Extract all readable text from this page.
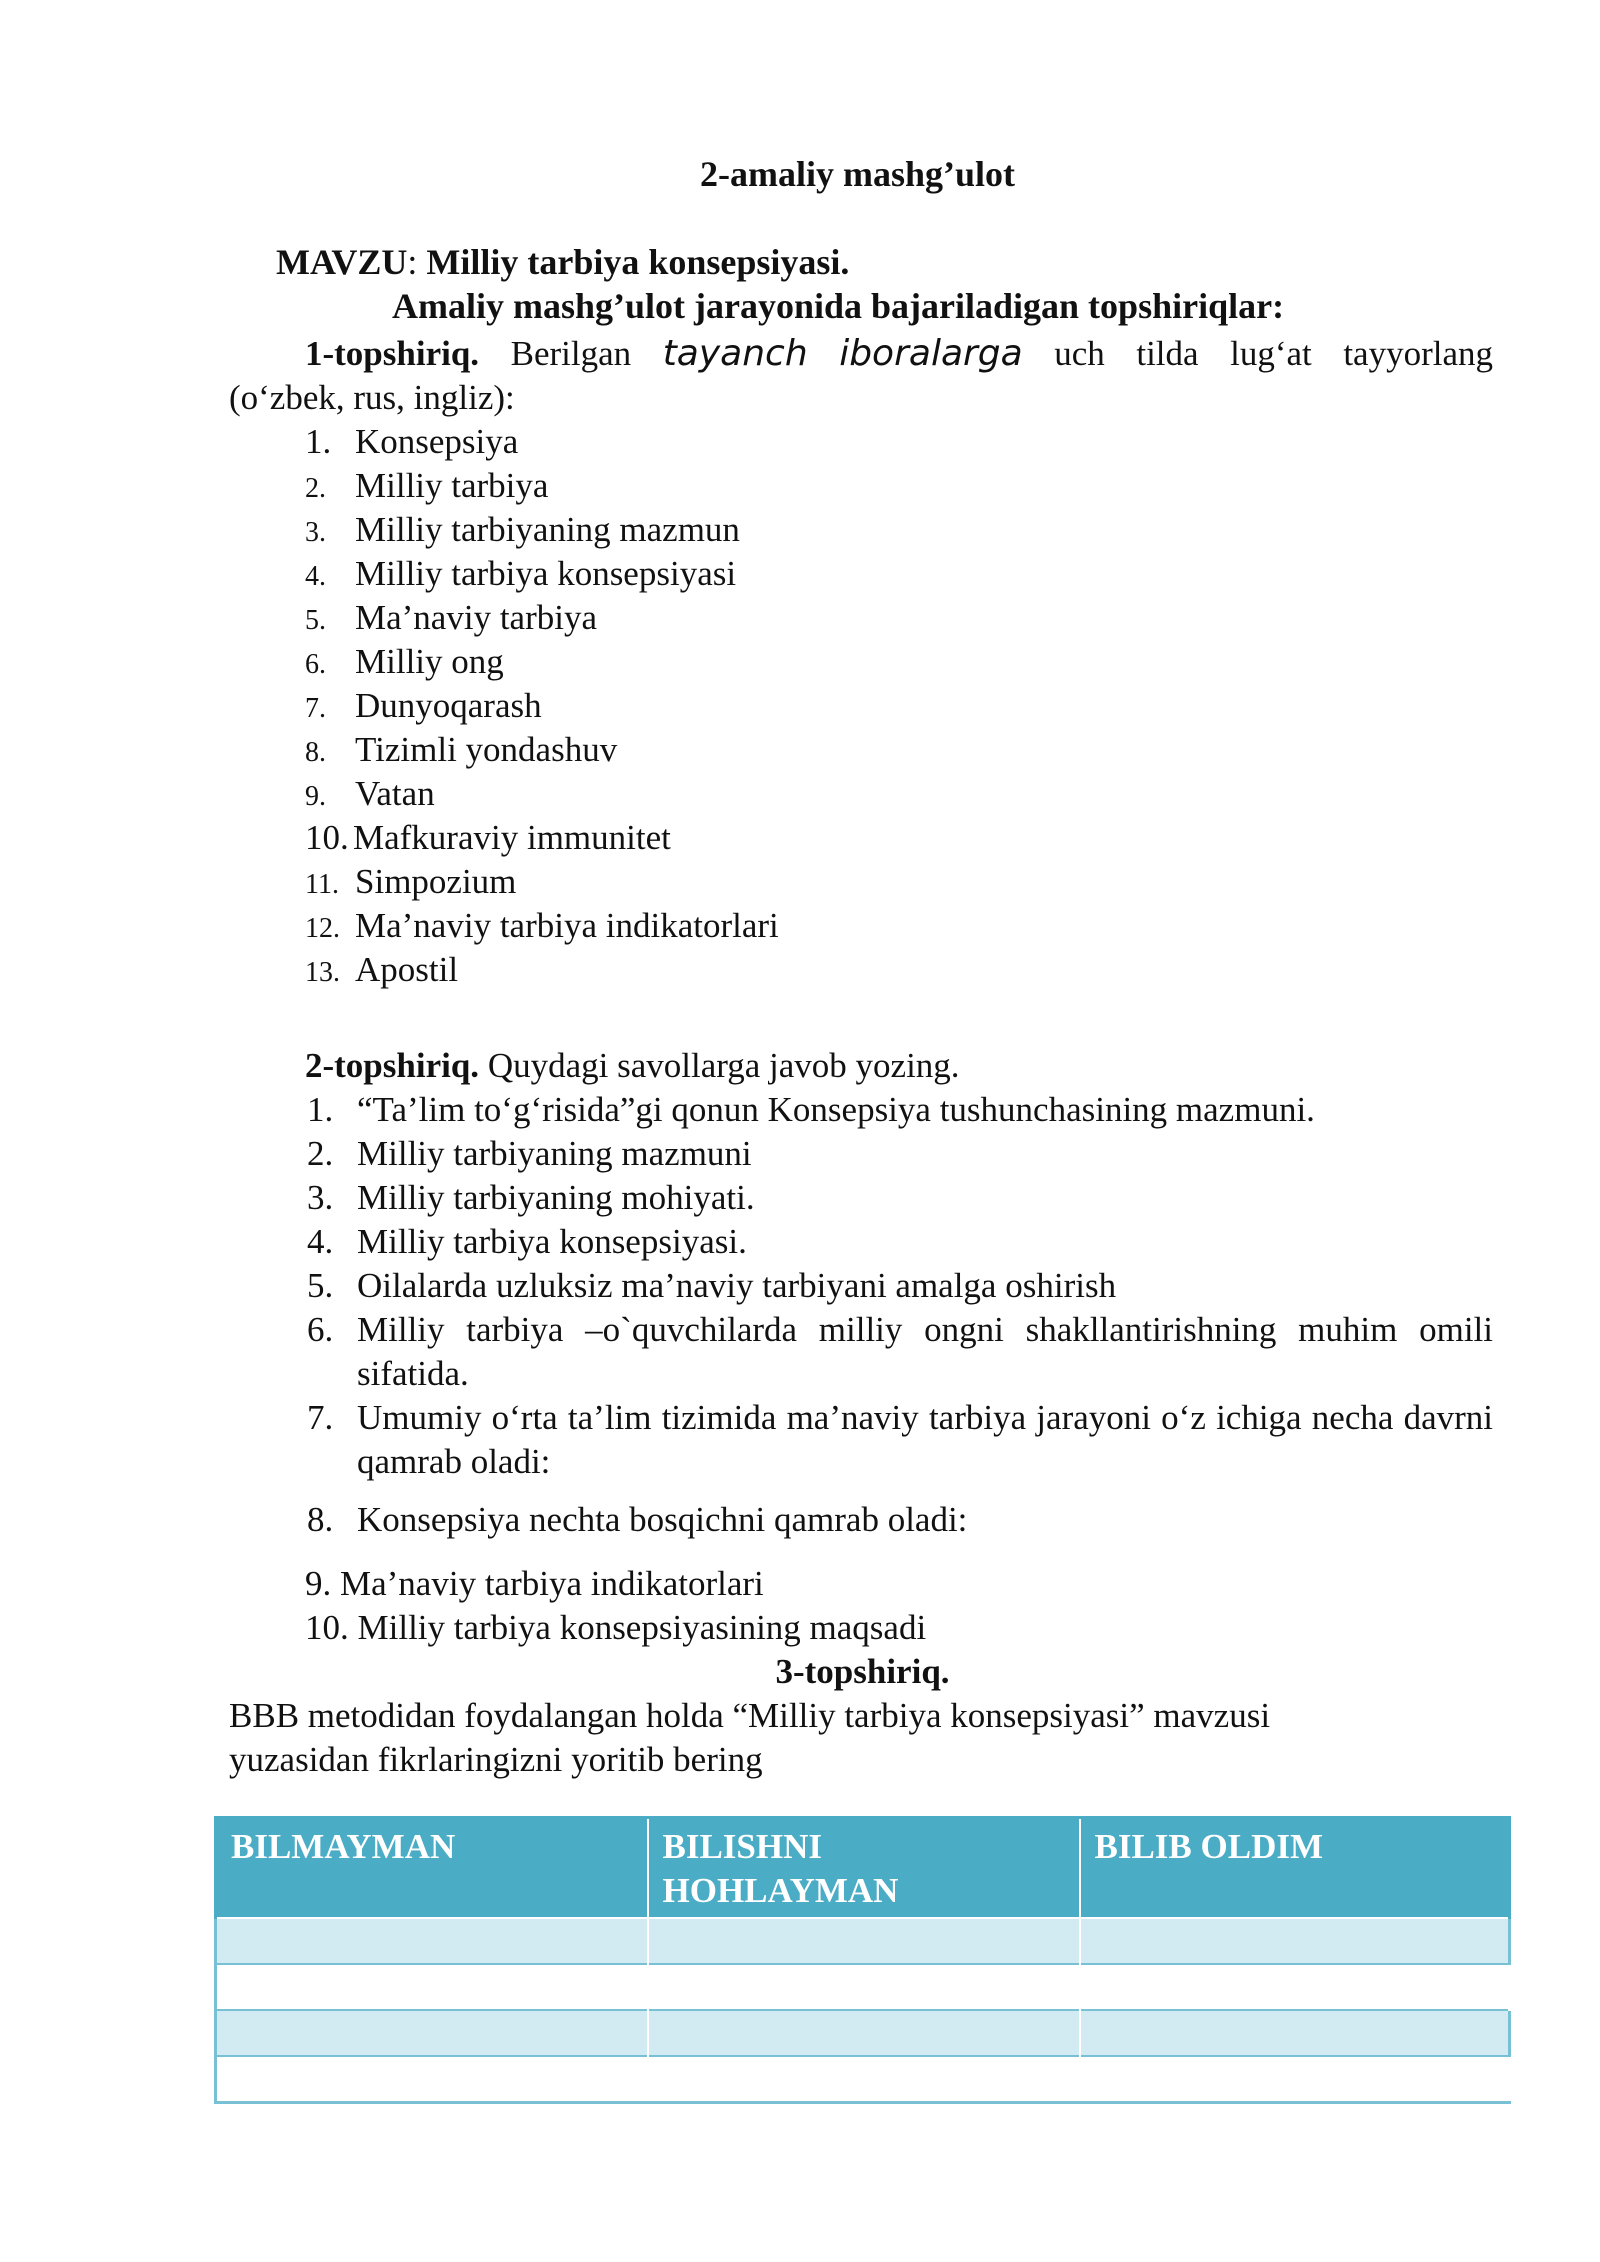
2-amaliy mashg’ulot
MAVZU: Milliy tarbiya konsepsiyasi.
Amaliy mashg’ulot jarayonida bajariladigan topshiriqlar:
1-topshiriq. Berilgan tayanch iboralarga uch tilda lug‘at tayyorlang
(o‘zbek, rus, ingliz):
1. Konsepsiya
2. Milliy tarbiya
3. Milliy tarbiyaning mazmun
4. Milliy tarbiya konsepsiyasi
5. Ma’naviy tarbiya
6. Milliy ong
7. Dunyoqarash
8. Tizimli yondashuv
9. Vatan
10. Mafkuraviy immunitet
11. Simpozium
12. Ma’naviy tarbiya indikatorlari
13. Apostil
2-topshiriq. Quydagi savollarga javob yozing.
1. “Ta’lim to‘g‘risida”gi qonun Konsepsiya tushunchasining mazmuni.
2. Milliy tarbiyaning mazmuni
3. Milliy tarbiyaning mohiyati.
4. Milliy tarbiya konsepsiyasi.
5. Oilalarda uzluksiz ma’naviy tarbiyani amalga oshirish
6. Milliy tarbiya –o`quvchilarda milliy ongni shakllantirishning muhim omili sifatida.
7. Umumiy o‘rta ta’lim tizimida ma’naviy tarbiya jarayoni o‘z ichiga necha davrni qamrab oladi:
8. Konsepsiya nechta bosqichni qamrab oladi:
9. Ma’naviy tarbiya indikatorlari
10. Milliy tarbiya konsepsiyasining maqsadi
3-topshiriq.
BBB metodidan foydalangan holda “Milliy tarbiya konsepsiyasi” mavzusi
yuzasidan fikrlaringizni yoritib bering
BILMAYMAN	BILISHNI HOHLAYMAN	BILIB OLDIM
